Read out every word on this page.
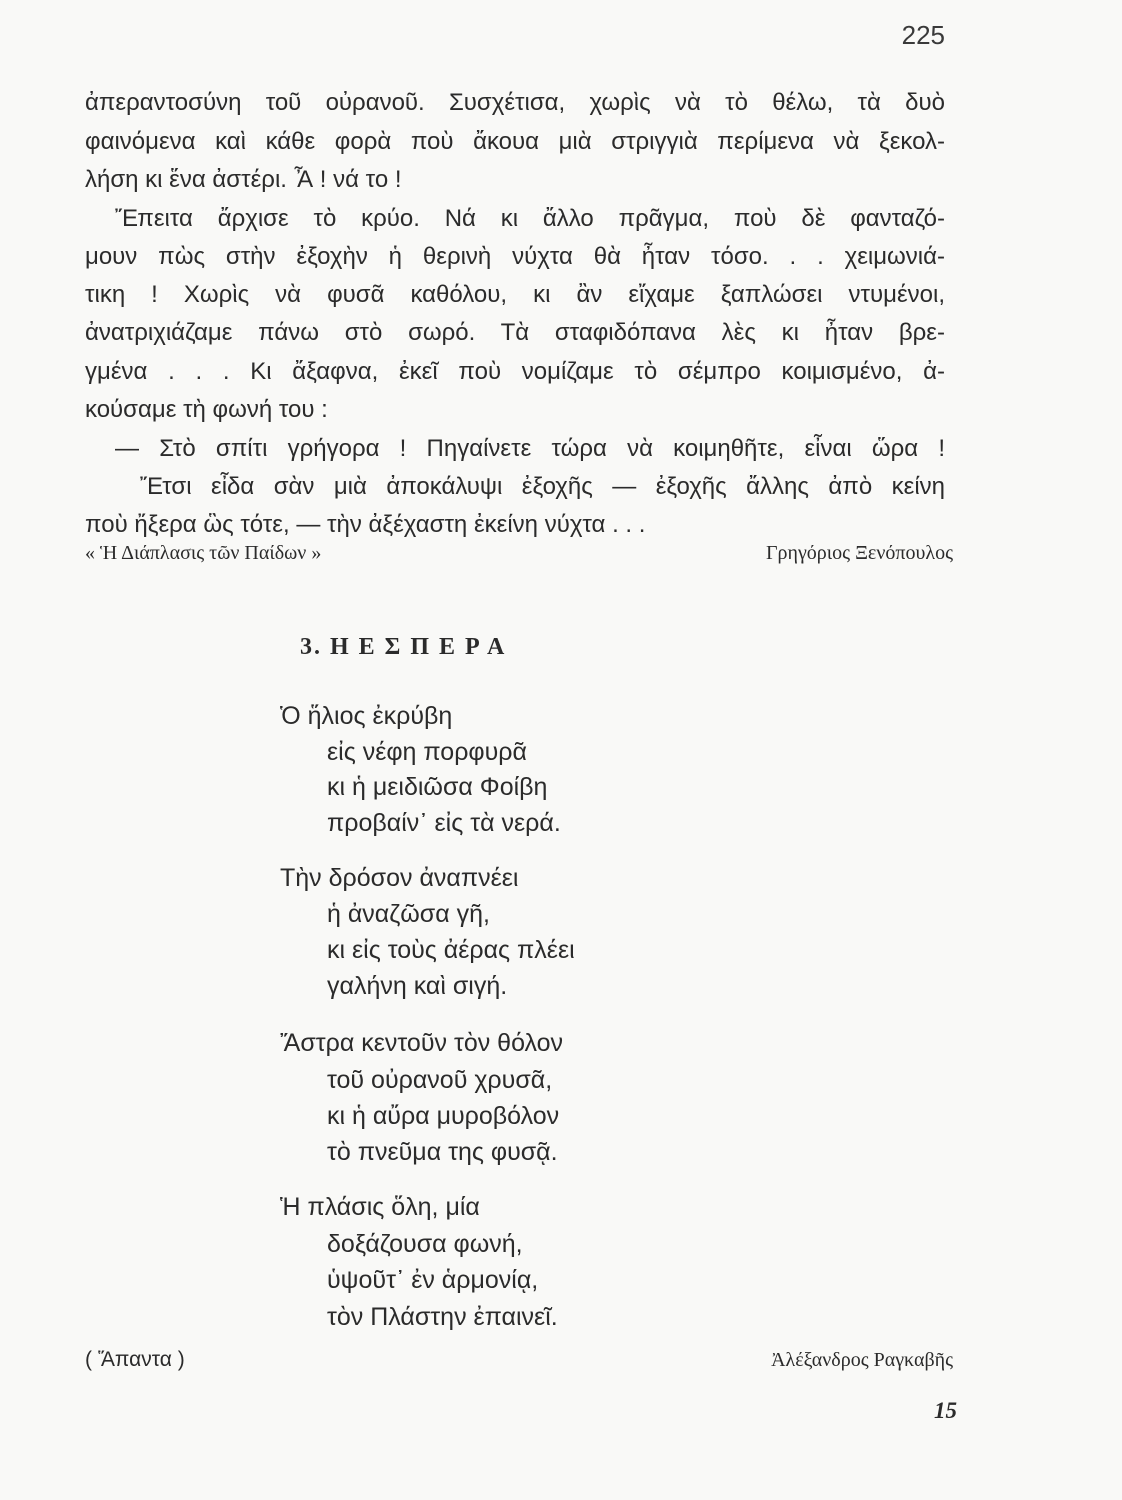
225
ἀπεραντοσύνη τοῦ οὐρανοῦ. Συσχέτισα, χωρὶς νὰ τὸ θέλω, τὰ δυὸ
φαινόμενα καὶ κάθε φορὰ ποὺ ἄκουα μιὰ στριγγιὰ περίμενα νὰ ξεκολ-
λήση κι ἕνα ἀστέρι. Ἆ ! νά το !
Ἔπειτα ἄρχισε τὸ κρύο. Νά κι ἄλλο πρᾶγμα, ποὺ δὲ φανταζό-
μουν πὼς στὴν ἐξοχὴν ἡ θερινὴ νύχτα θὰ ἦταν τόσο. . . χειμωνιά-
τικη ! Χωρὶς νὰ φυσᾶ καθόλου, κι ἂν εἴχαμε ξαπλώσει ντυμένοι,
ἀνατριχιάζαμε πάνω στὸ σωρό. Τὰ σταφιδόπανα λὲς κι ἦταν βρε-
γμένα . . . Κι ἄξαφνα, ἐκεῖ ποὺ νομίζαμε τὸ σέμπρο κοιμισμένο, ἀ-
κούσαμε τὴ φωνή του :
— Στὸ σπίτι γρήγορα ! Πηγαίνετε τώρα νὰ κοιμηθῆτε, εἶναι ὥρα !
Ἔτσι εἶδα σὰν μιὰ ἀποκάλυψι ἐξοχῆς — ἐξοχῆς ἄλλης ἀπὸ κείνη
ποὺ ἤξερα ὣς τότε, — τὴν ἀξέχαστη ἐκείνη νύχτα . . .
« Ἡ Διάπλασις τῶν Παίδων »	Γρηγόριος Ξενόπουλος
3. Η Ε Σ Π Ε Ρ Α
Ὁ ἥλιος ἐκρύβη
εἰς νέφη πορφυρᾶ
κι ἡ μειδιῶσα Φοίβη
προβαίν᾿ εἰς τὰ νερά.
Τὴν δρόσον ἀναπνέει
ἡ ἀναζῶσα γῆ,
κι εἰς τοὺς ἀέρας πλέει
γαλήνη καὶ σιγή.
Ἄστρα κεντοῦν τὸν θόλον
τοῦ οὐρανοῦ χρυσᾶ,
κι ἡ αὔρα μυροβόλον
τὸ πνεῦμα της φυσᾷ.
Ἡ πλάσις ὅλη, μία
δοξάζουσα φωνή,
ὑψοῦτ᾿ ἐν ἁρμονίᾳ,
τὸν Πλάστην ἐπαινεῖ.
( Ἅπαντα )	Ἀλέξανδρος Ραγκαβῆς
15
